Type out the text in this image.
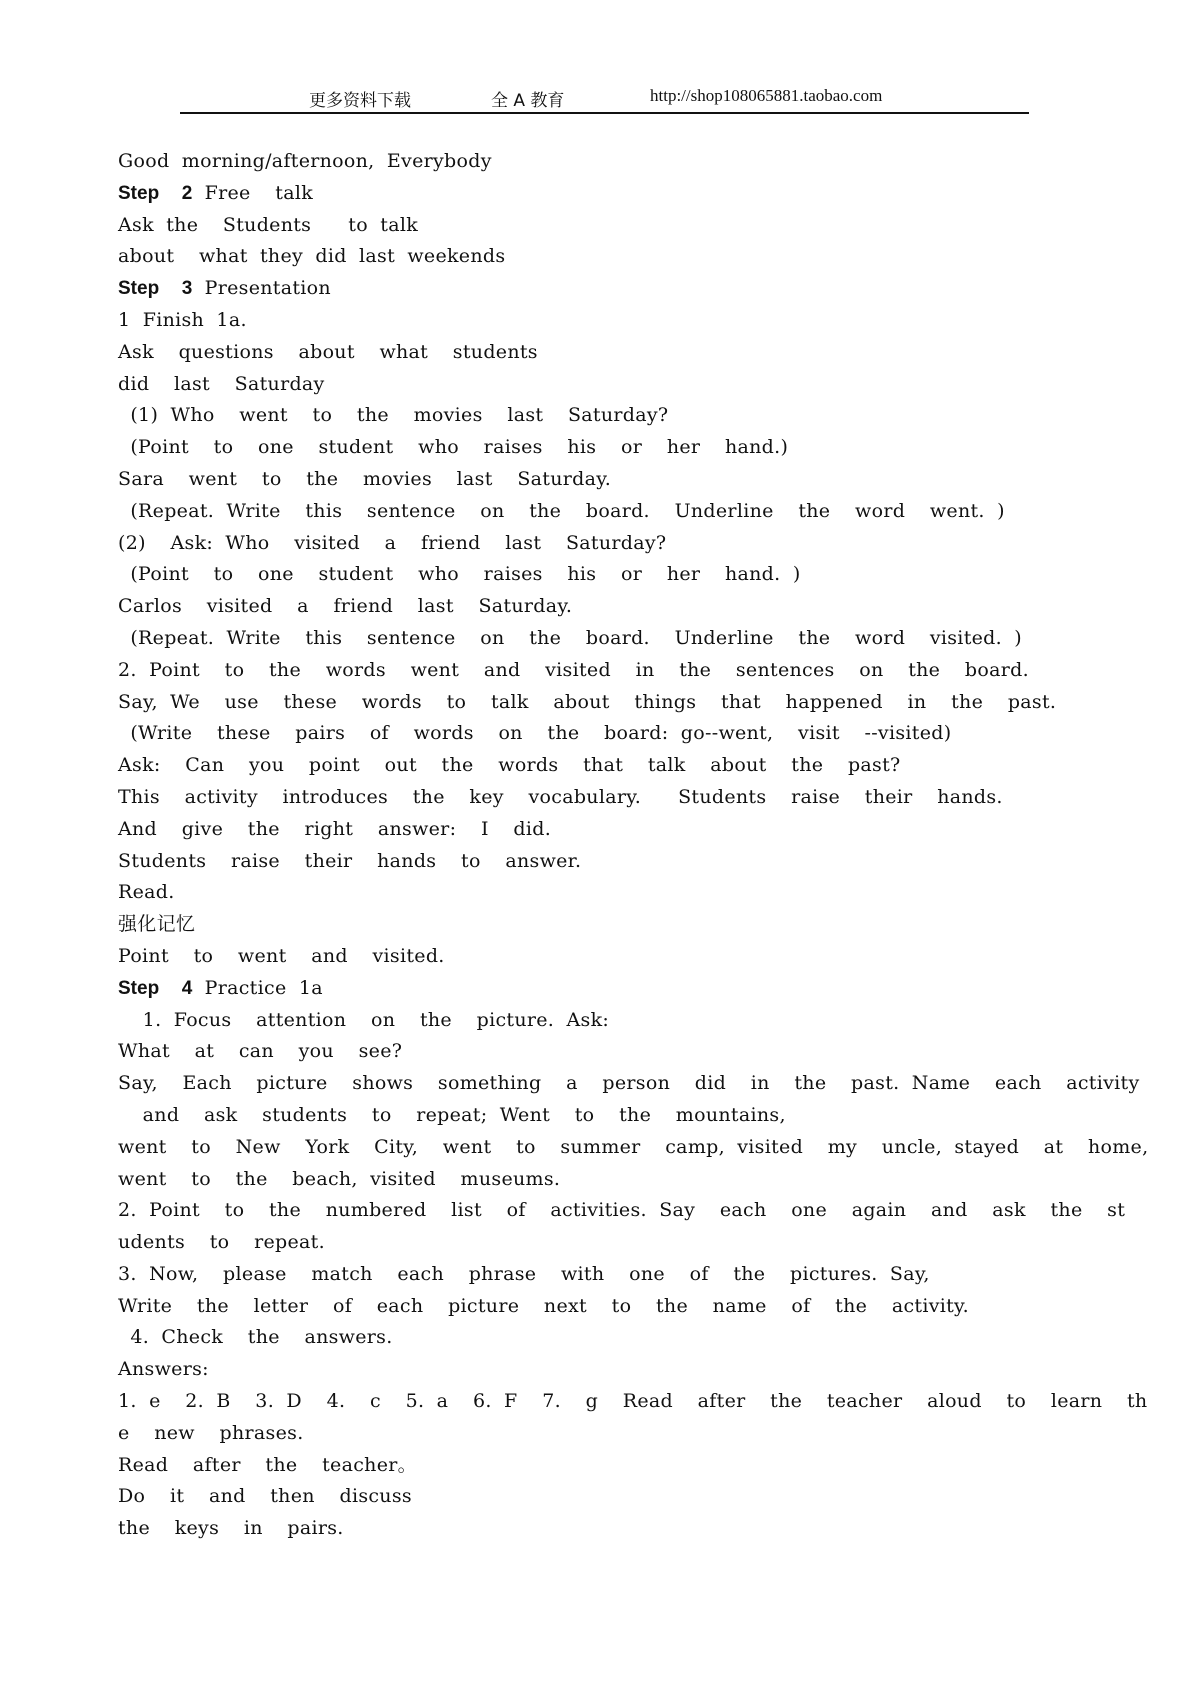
更多资料下载	全 A 教育	http://shop108065881.taobao.com
Good morning/afternoon, Everybody
Step  2 Free  talk
Ask the  Students   to talk
about  what they did last weekends
Step  3 Presentation
1 Finish 1a.
Ask  questions  about  what  students
did  last  Saturday
(1) Who  went  to  the  movies  last  Saturday?
(Point  to  one  student  who  raises  his  or  her  hand.)
Sara  went  to  the  movies  last  Saturday.
(Repeat. Write  this  sentence  on  the  board.  Underline  the  word  went. )
(2)  Ask: Who  visited  a  friend  last  Saturday?
(Point  to  one  student  who  raises  his  or  her  hand. )
Carlos  visited  a  friend  last  Saturday.
(Repeat. Write  this  sentence  on  the  board.  Underline  the  word  visited. )
2. Point  to  the  words  went  and  visited  in  the  sentences  on  the  board.
Say, We  use  these  words  to  talk  about  things  that  happened  in  the  past.
(Write  these  pairs  of  words  on  the  board: go--went,  visit  --visited)
Ask:  Can  you  point  out  the  words  that  talk  about  the  past?
This  activity  introduces  the  key  vocabulary.   Students  raise  their  hands.
And  give  the  right  answer:  I  did.
Students  raise  their  hands  to  answer.
Read.
强化记忆
Point  to  went  and  visited.
Step  4 Practice 1a
1. Focus  attention  on  the  picture. Ask:
What  at  can  you  see?
Say,  Each  picture  shows  something  a  person  did  in  the  past. Name  each  activity
and  ask  students  to  repeat; Went  to  the  mountains,
went  to  New  York  City,  went  to  summer  camp, visited  my  uncle, stayed  at  home,
went  to  the  beach, visited  museums.
2. Point  to  the  numbered  list  of  activities. Say  each  one  again  and  ask  the  st
udents  to  repeat.
3. Now,  please  match  each  phrase  with  one  of  the  pictures. Say,
Write  the  letter  of  each  picture  next  to  the  name  of  the  activity.
4. Check  the  answers.
Answers:
1. e  2. B  3. D  4.  c  5. a  6. F  7.  g  Read  after  the  teacher  aloud  to  learn  th
e  new  phrases.
Read  after  the  teacher。
Do  it  and  then  discuss
the  keys  in  pairs.
